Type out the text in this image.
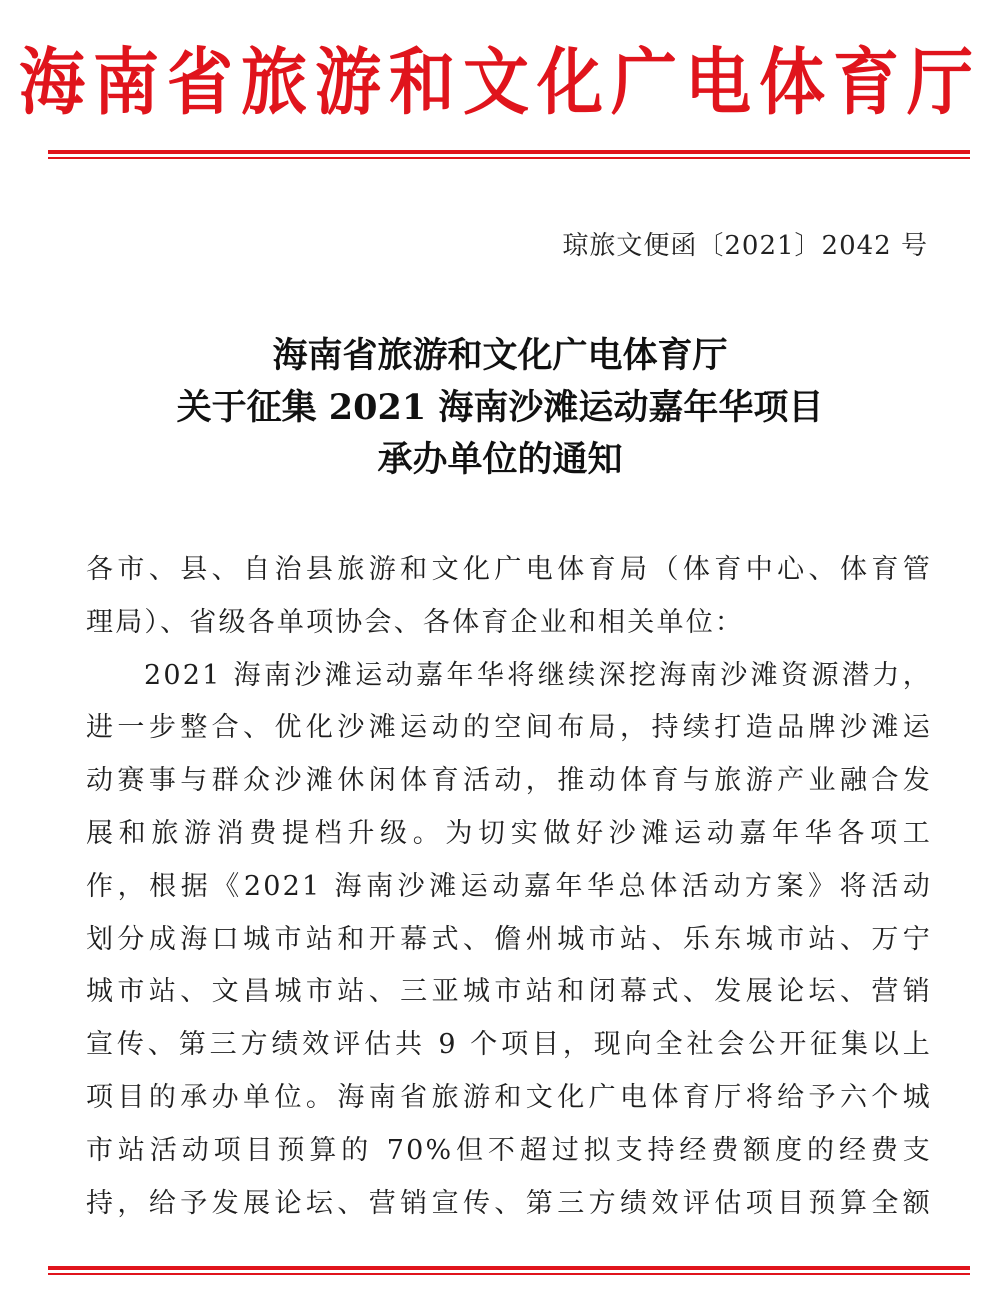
海南省旅游和文化广电体育厅
琼旅文便函〔2021〕2042 号
海南省旅游和文化广电体育厅
关于征集 2021 海南沙滩运动嘉年华项目
承办单位的通知
各市、县、自治县旅游和文化广电体育局（体育中心、体育管
理局）、省级各单项协会、各体育企业和相关单位：
2021 海南沙滩运动嘉年华将继续深挖海南沙滩资源潜力，
进一步整合、优化沙滩运动的空间布局，持续打造品牌沙滩运
动赛事与群众沙滩休闲体育活动，推动体育与旅游产业融合发
展和旅游消费提档升级。为切实做好沙滩运动嘉年华各项工
作，根据《2021 海南沙滩运动嘉年华总体活动方案》将活动
划分成海口城市站和开幕式、儋州城市站、乐东城市站、万宁
城市站、文昌城市站、三亚城市站和闭幕式、发展论坛、营销
宣传、第三方绩效评估共 9 个项目，现向全社会公开征集以上
项目的承办单位。海南省旅游和文化广电体育厅将给予六个城
市站活动项目预算的 70%但不超过拟支持经费额度的经费支
持，给予发展论坛、营销宣传、第三方绩效评估项目预算全额
